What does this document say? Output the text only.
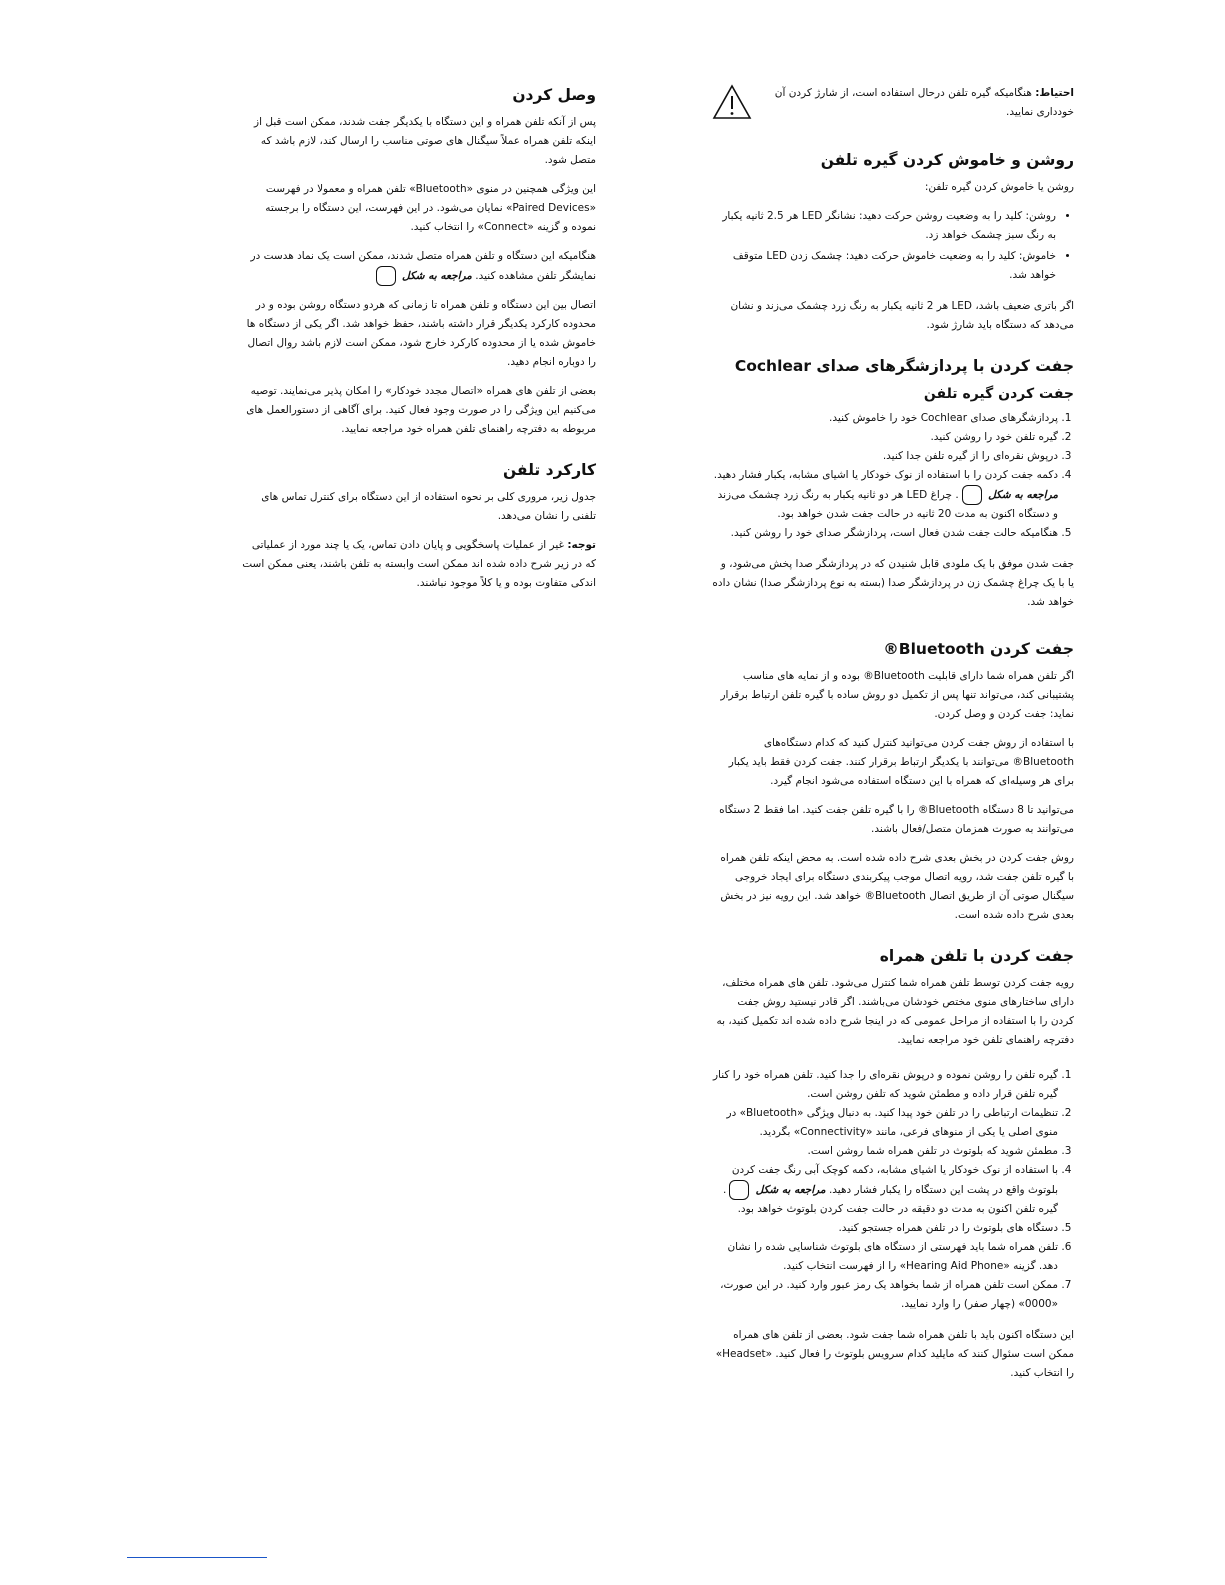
احتیاط: هنگامیکه گیره تلفن درحال استفاده است، از شارژ کردن آن خودداری نمایید.
روشن و خاموش کردن گیره تلفن

روشن یا خاموش کردن گیره تلفن:

• روشن: کلید را به وضعیت روشن حرکت دهید: نشانگر LED هر 2.5 ثانیه یکبار به رنگ سبز چشمک خواهد زد.
• خاموش: کلید را به وضعیت خاموش حرکت دهید: چشمک زدن LED متوقف خواهد شد.

اگر باتری ضعیف باشد، LED هر 2 ثانیه یکبار به رنگ زرد چشمک می‌زند و نشان می‌دهد که دستگاه باید شارژ شود.

جفت کردن با پردازشگرهای صدای Cochlear
جفت کردن گیره تلفن
1. پردازشگرهای صدای Cochlear خود را خاموش کنید.
2. گیره تلفن خود را روشن کنید.
3. درپوش نقره‌ای را از گیره تلفن جدا کنید.
4. دکمه جفت کردن را با استفاده از نوک خودکار یا اشیای مشابه، یکبار فشار دهید. مراجعه به شکل . چراغ LED هر دو ثانیه یکبار به رنگ زرد چشمک می‌زند و دستگاه اکنون به مدت 20 ثانیه در حالت جفت شدن خواهد بود.
5. هنگامیکه حالت جفت شدن فعال است، پردازشگر صدای خود را روشن کنید.

جفت شدن موفق با یک ملودی قابل شنیدن که در پردازشگر صدا پخش می‌شود، و یا با یک چراغ چشمک زن در پردازشگر صدا (بسته به نوع پردازشگر صدا) نشان داده خواهد شد.

جفت کردن Bluetooth®

اگر تلفن همراه شما دارای قابلیت Bluetooth® بوده و از نمایه های مناسب پشتیبانی کند، می‌تواند تنها پس از تکمیل دو روش ساده با گیره تلفن ارتباط برقرار نماید: جفت کردن و وصل کردن.

با استفاده از روش جفت کردن می‌توانید کنترل کنید که کدام دستگاه‌های Bluetooth® می‌توانند با یکدیگر ارتباط برقرار کنند. جفت کردن فقط باید یکبار برای هر وسیله‌ای که همراه با این دستگاه استفاده می‌شود انجام گیرد.

می‌توانید تا 8 دستگاه Bluetooth® را با گیره تلفن جفت کنید. اما فقط 2 دستگاه می‌توانند به صورت همزمان متصل/فعال باشند.

روش جفت کردن در بخش بعدی شرح داده شده است. به محض اینکه تلفن همراه با گیره تلفن جفت شد، رویه اتصال موجب پیکربندی دستگاه برای ایجاد خروجی سیگنال صوتی آن از طریق اتصال Bluetooth® خواهد شد. این رویه نیز در بخش بعدی شرح داده شده است.

جفت کردن با تلفن همراه

رویه جفت کردن توسط تلفن همراه شما کنترل می‌شود. تلفن های همراه مختلف، دارای ساختارهای منوی مختص خودشان می‌باشند. اگر قادر نیستید روش جفت کردن را با استفاده از مراحل عمومی که در اینجا شرح داده شده اند تکمیل کنید، به دفترچه راهنمای تلفن خود مراجعه نمایید.

1. گیره تلفن را روشن نموده و درپوش نقره‌ای را جدا کنید. تلفن همراه خود را کنار گیره تلفن قرار داده و مطمئن شوید که تلفن روشن است.
2. تنظیمات ارتباطی را در تلفن خود پیدا کنید. به دنبال ویژگی «Bluetooth» در منوی اصلی یا یکی از منوهای فرعی، مانند «Connectivity» بگردید.
3. مطمئن شوید که بلوتوث در تلفن همراه شما روشن است.
4. با استفاده از نوک خودکار یا اشیای مشابه، دکمه کوچک آبی رنگ جفت کردن بلوتوث واقع در پشت این دستگاه را یکبار فشار دهید. مراجعه به شکل . گیره تلفن اکنون به مدت دو دقیقه در حالت جفت کردن بلوتوث خواهد بود.
5. دستگاه های بلوتوث را در تلفن همراه جستجو کنید.
6. تلفن همراه شما باید فهرستی از دستگاه های بلوتوث شناسایی شده را نشان دهد. گزینه «Hearing Aid Phone» را از فهرست انتخاب کنید.
7. ممکن است تلفن همراه از شما بخواهد یک رمز عبور وارد کنید. در این صورت، «0000» (چهار صفر) را وارد نمایید.

این دستگاه اکنون باید با تلفن همراه شما جفت شود. بعضی از تلفن های همراه ممکن است سئوال کنند که مایلید کدام سرویس بلوتوث را فعال کنید. «Headset» را انتخاب کنید.

وصل کردن

پس از آنکه تلفن همراه و این دستگاه با یکدیگر جفت شدند، ممکن است قبل از اینکه تلفن همراه عملاً سیگنال های صوتی مناسب را ارسال کند، لازم باشد که متصل شود.

این ویژگی همچنین در منوی «Bluetooth» تلفن همراه و معمولا در فهرست «Paired Devices» نمایان می‌شود. در این فهرست، این دستگاه را برجسته نموده و گزینه «Connect» را انتخاب کنید.

هنگامیکه این دستگاه و تلفن همراه متصل شدند، ممکن است یک نماد هدست در نمایشگر تلفن مشاهده کنید. مراجعه به شکل

اتصال بین این دستگاه و تلفن همراه تا زمانی که هردو دستگاه روشن بوده و در محدوده کارکرد یکدیگر قرار داشته باشند، حفظ خواهد شد. اگر یکی از دستگاه ها خاموش شده یا از محدوده کارکرد خارج شود، ممکن است لازم باشد روال اتصال را دوباره انجام دهید.

بعضی از تلفن های همراه «اتصال مجدد خودکار» را امکان پذیر می‌نمایند. توصیه می‌کنیم این ویژگی را در صورت وجود فعال کنید. برای آگاهی از دستورالعمل های مربوطه به دفترچه راهنمای تلفن همراه خود مراجعه نمایید.

کارکرد تلفن

جدول زیر، مروری کلی بر نحوه استفاده از این دستگاه برای کنترل تماس های تلفنی را نشان می‌دهد.

توجه: غیر از عملیات پاسخگویی و پایان دادن تماس، یک یا چند مورد از عملیاتی که در زیر شرح داده شده اند ممکن است وابسته به تلفن باشند، یعنی ممکن است اندکی متفاوت بوده و یا کلاً موجود نباشند.
